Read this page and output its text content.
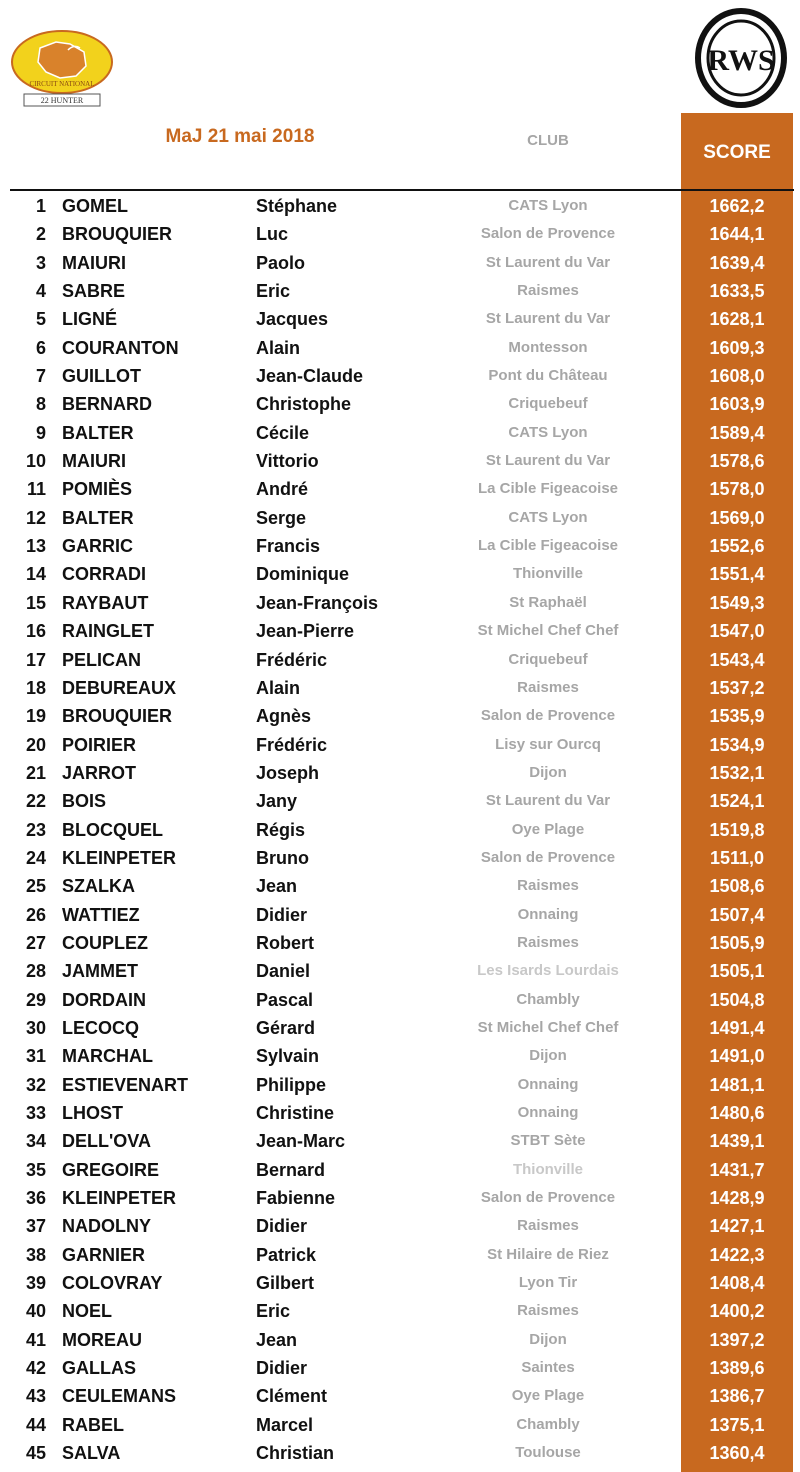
CIRCUIT NATIONAL
22 HUNTER
RWS
MaJ 21 mai 2018	CLUB
SCORE
1 GOMEL	Stéphane	CATS Lyon	1662,2
2 BROUQUIER	Luc	Salon de Provence	1644,1
3 MAIURI	Paolo	St Laurent du Var	1639,4
4 SABRE	Eric	Raismes	1633,5
5 LIGNÉ	Jacques	St Laurent du Var	1628,1
6 COURANTON	Alain	Montesson	1609,3
7 GUILLOT	Jean-Claude	Pont du Château	1608,0
8 BERNARD	Christophe	Criquebeuf	1603,9
9 BALTER	Cécile	CATS Lyon	1589,4
10 MAIURI	Vittorio	St Laurent du Var	1578,6
11 POMIÈS	André	La Cible Figeacoise	1578,0
12 BALTER	Serge	CATS Lyon	1569,0
13 GARRIC	Francis	La Cible Figeacoise	1552,6
14 CORRADI	Dominique	Thionville	1551,4
15 RAYBAUT	Jean-François	St Raphaël	1549,3
16 RAINGLET	Jean-Pierre	St Michel Chef Chef	1547,0
17 PELICAN	Frédéric	Criquebeuf	1543,4
18 DEBUREAUX	Alain	Raismes	1537,2
19 BROUQUIER	Agnès	Salon de Provence	1535,9
20 POIRIER	Frédéric	Lisy sur Ourcq	1534,9
21 JARROT	Joseph	Dijon	1532,1
22 BOIS	Jany	St Laurent du Var	1524,1
23 BLOCQUEL	Régis	Oye Plage	1519,8
24 KLEINPETER	Bruno	Salon de Provence	1511,0
25 SZALKA	Jean	Raismes	1508,6
26 WATTIEZ	Didier	Onnaing	1507,4
27 COUPLEZ	Robert	Raismes	1505,9
28 JAMMET	Daniel	Les Isards Lourdais	1505,1
29 DORDAIN	Pascal	Chambly	1504,8
30 LECOCQ	Gérard	St Michel Chef Chef	1491,4
31 MARCHAL	Sylvain	Dijon	1491,0
32 ESTIEVENART	Philippe	Onnaing	1481,1
33 LHOST	Christine	Onnaing	1480,6
34 DELL'OVA	Jean-Marc	STBT Sète	1439,1
35 GREGOIRE	Bernard	Thionville	1431,7
36 KLEINPETER	Fabienne	Salon de Provence	1428,9
37 NADOLNY	Didier	Raismes	1427,1
38 GARNIER	Patrick	St Hilaire de Riez	1422,3
39 COLOVRAY	Gilbert	Lyon Tir	1408,4
40 NOEL	Eric	Raismes	1400,2
41 MOREAU	Jean	Dijon	1397,2
42 GALLAS	Didier	Saintes	1389,6
43 CEULEMANS	Clément	Oye Plage	1386,7
44 RABEL	Marcel	Chambly	1375,1
45 SALVA	Christian	Toulouse	1360,4
